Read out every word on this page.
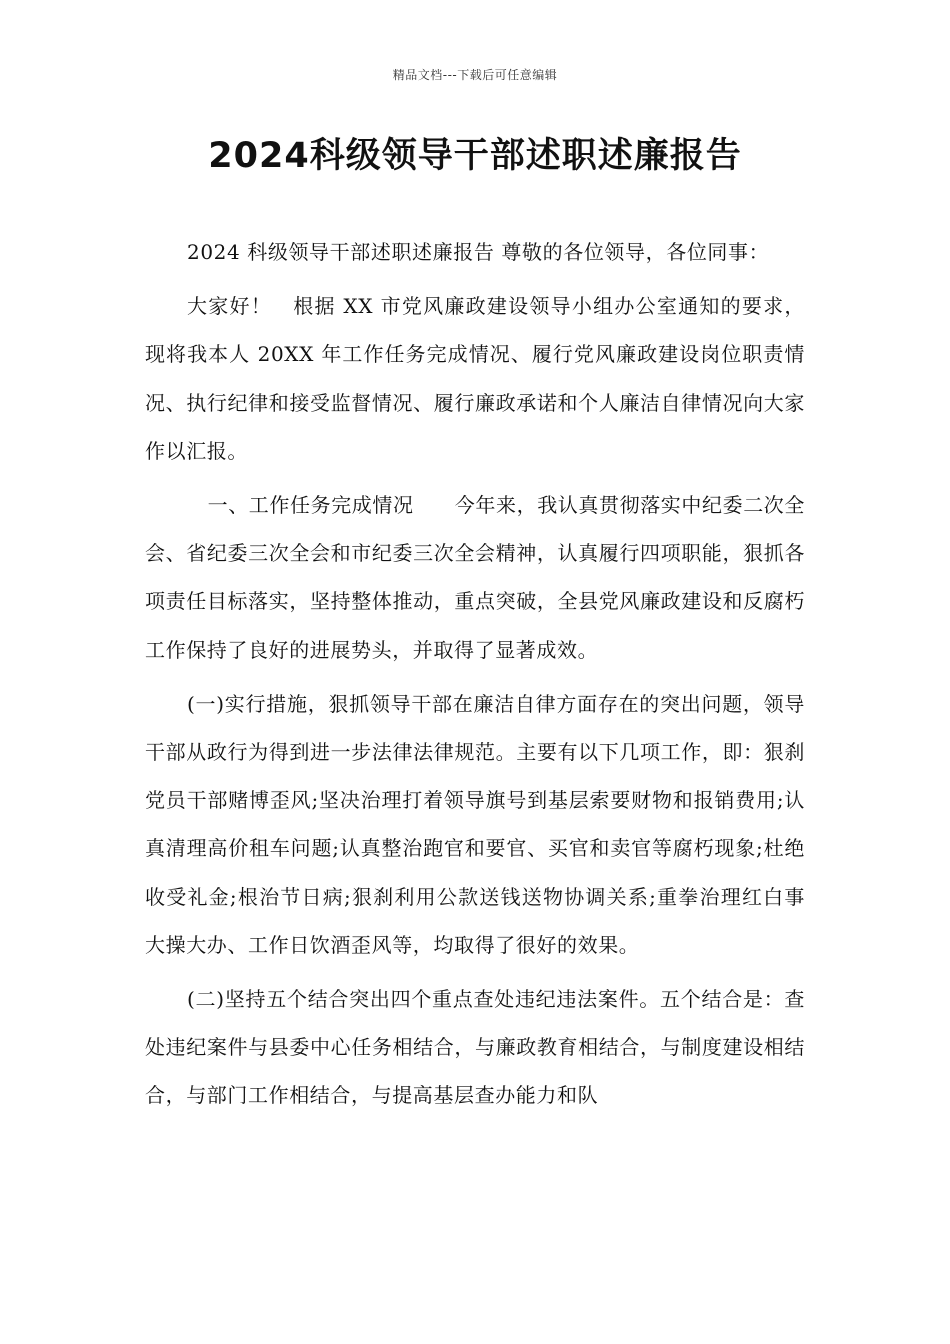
精品文档---下载后可任意编辑
2024科级领导干部述职述廉报告

2024 科级领导干部述职述廉报告 尊敬的各位领导，各位同事：

大家好！　根据 XX 市党风廉政建设领导小组办公室通知的要求，现将我本人 20XX 年工作任务完成情况、履行党风廉政建设岗位职责情况、执行纪律和接受监督情况、履行廉政承诺和个人廉洁自律情况向大家作以汇报。

　一、工作任务完成情况　　今年来，我认真贯彻落实中纪委二次全会、省纪委三次全会和市纪委三次全会精神，认真履行四项职能，狠抓各项责任目标落实，坚持整体推动，重点突破，全县党风廉政建设和反腐朽工作保持了良好的进展势头，并取得了显著成效。

(一)实行措施，狠抓领导干部在廉洁自律方面存在的突出问题，领导干部从政行为得到进一步法律法律规范。主要有以下几项工作，即：狠刹党员干部赌博歪风;坚决治理打着领导旗号到基层索要财物和报销费用;认真清理高价租车问题;认真整治跑官和要官、买官和卖官等腐朽现象;杜绝收受礼金;根治节日病;狠刹利用公款送钱送物协调关系;重拳治理红白事大操大办、工作日饮酒歪风等，均取得了很好的效果。

(二)坚持五个结合突出四个重点查处违纪违法案件。五个结合是：查处违纪案件与县委中心任务相结合，与廉政教育相结合，与制度建设相结合，与部门工作相结合，与提高基层查办能力和队
